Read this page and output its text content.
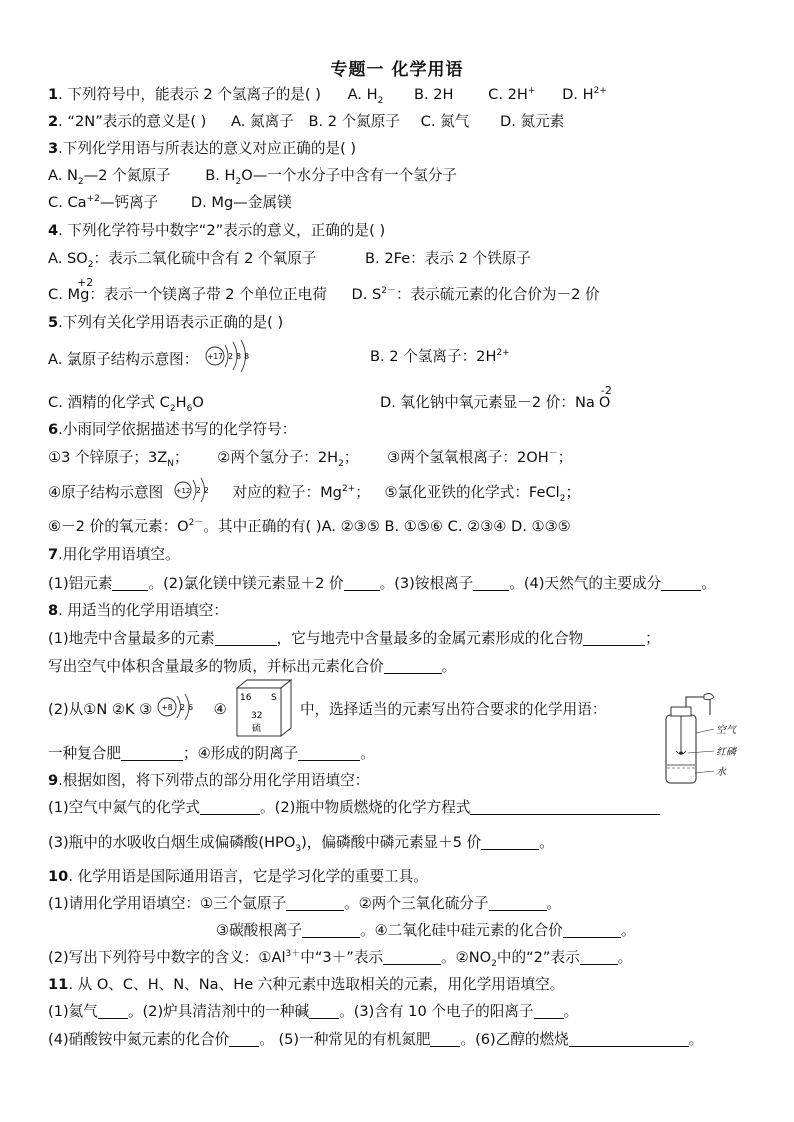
专题一 化学用语
1. 下列符号中，能表示 2 个氢离子的是( ) A. $H_2$ B. 2H C. 2H+ D. $H^{2+}$
2. “2N”表示的意义是( ) A. 氮离子 B. 2 个氮原子 C. 氮气 D. 氮元素
3.下列化学用语与所表达的意义对应正确的是( )
A. $N_2—2$ 个氮原子 B. $H_2O—$一个水分子中含有一个氢分子
C. $Ca^{+2}—$钙离子 D. Mg—金属镁
4. 下列化学符号中数字“2”表示的意义，正确的是( )
A. $SO_2$：表示二氧化硫中含有 2 个氧原子	B. 2Fe：表示 2 个铁原子
C. Mg
+2
：表示一个镁离子带 2 个单位正电荷 D. $S^{2-}$：表示硫元素的化合价为－2 价
5.下列有关化学用语表示正确的是( )
A. 氯原子结构示意图： +17 2 8 8	B. 2 个氢离子：$2H^{2+}$
C. 酒精的化学式 $C_2H_6O$	D. 氧化钠中氧元素显－2 价：Na O
-2
6.小雨同学依据描述书写的化学符号：
①3 个锌原子；$3Z_N$； ②两个氢分子：$2H_2$； ③两个氢氧根离子：2OH－；
④原子结构示意图 +12 2 2 对应的粒子：$Mg^{2+}$； ⑤氯化亚铁的化学式：FeCl$_2$；
⑥－2 价的氧元素：$O^{2-}$。其中正确的有( )A. ②③⑤ B. ①⑤⑥ C. ②③④ D. ①③⑤
7.用化学用语填空。
(1)铝元素 。(2)氯化镁中镁元素显＋2 价 。(3)铵根离子 。(4)天然气的主要成分	。
8. 用适当的化学用语填空：
(1)地壳中含量最多的元素	，它与地壳中含量最多的金属元素形成的化合物	；
写出空气中体积含量最多的物质，并标出元素化合价	。
(2)从①N ②K ③ +8 2 6 ④
16 S
32
硫
中，选择适当的元素写出符合要求的化学用语：
一种复合肥	；④形成的阴离子	。
空气
红磷
水
9.根据如图，将下列带点的部分用化学用语填空：
(1)空气中氮气的化学式	。(2)瓶中物质燃烧的化学方程式
(3)瓶中的水吸收白烟生成偏磷酸$(HPO_3)$，偏磷酸中磷元素显＋5 价	。
10. 化学用语是国际通用语言，它是学习化学的重要工具。
(1)请用化学用语填空：①三个氩原子	。②两个三氧化硫分子	。
③碳酸根离子	。④二氧化硅中硅元素的化合价	。
(2)写出下列符号中数字的含义：$①Al^{3+}$中“3＋”表示	。$②NO_2$中的“2”表示	。
11. 从 O、C、H、N、Na、He 六种元素中选取相关的元素，用化学用语填空。
(1)氦气 。(2)炉具清洁剂中的一种碱 。(3)含有 10 个电子的阳离子 。
(4)硝酸铵中氮元素的化合价 。 (5)一种常见的有机氮肥 。(6)乙醇的燃烧	。
